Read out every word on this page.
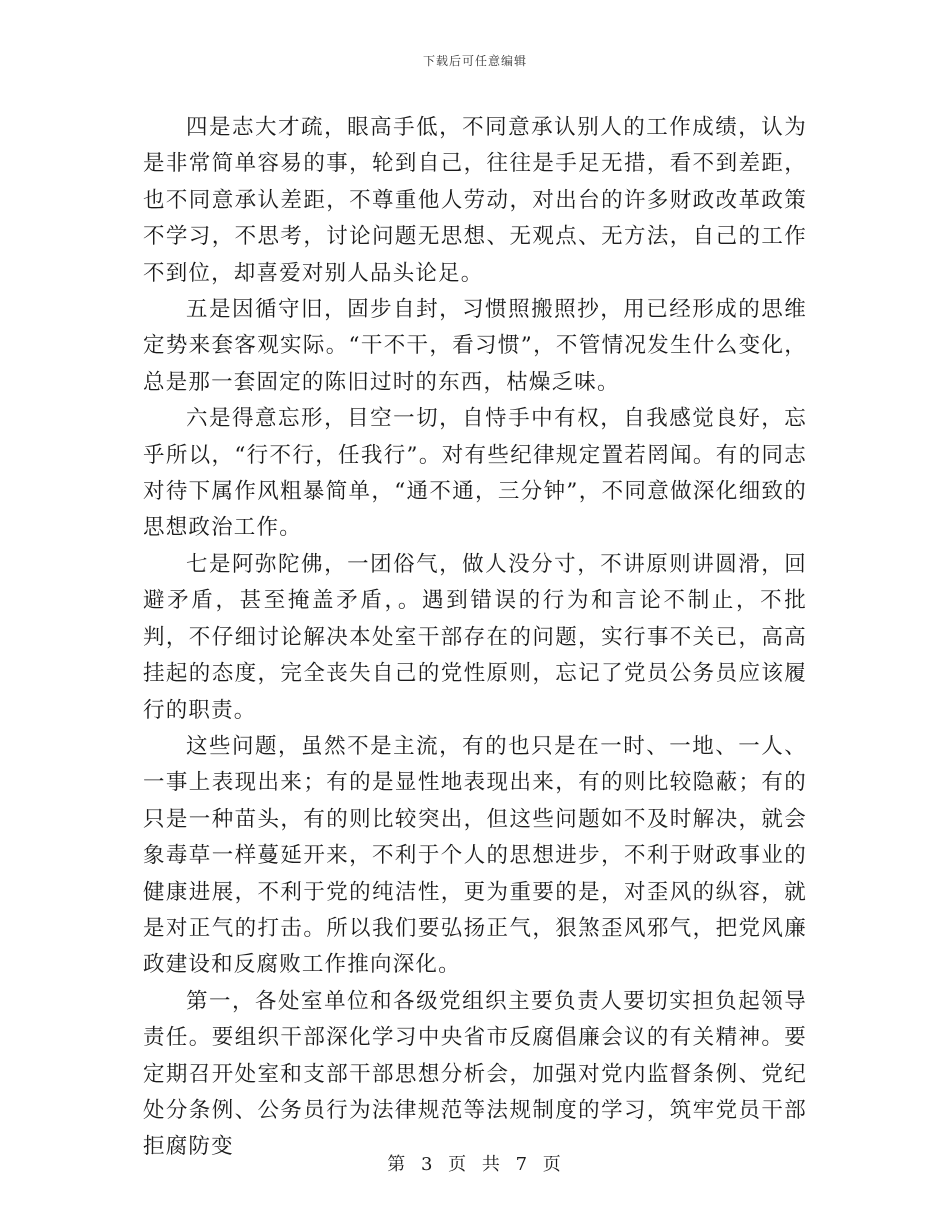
下载后可任意编辑

四是志大才疏，眼高手低，不同意承认别人的工作成绩，认为是非常简单容易的事，轮到自己，往往是手足无措，看不到差距，也不同意承认差距，不尊重他人劳动，对出台的许多财政改革政策不学习，不思考，讨论问题无思想、无观点、无方法，自己的工作不到位，却喜爱对别人品头论足。

五是因循守旧，固步自封，习惯照搬照抄，用已经形成的思维定势来套客观实际。“干不干，看习惯”，不管情况发生什么变化，总是那一套固定的陈旧过时的东西，枯燥乏味。

六是得意忘形，目空一切，自恃手中有权，自我感觉良好，忘乎所以，“行不行，任我行”。对有些纪律规定置若罔闻。有的同志对待下属作风粗暴简单，“通不通，三分钟”，不同意做深化细致的思想政治工作。

七是阿弥陀佛，一团俗气，做人没分寸，不讲原则讲圆滑，回避矛盾，甚至掩盖矛盾，。遇到错误的行为和言论不制止，不批判，不仔细讨论解决本处室干部存在的问题，实行事不关已，高高挂起的态度，完全丧失自己的党性原则，忘记了党员公务员应该履行的职责。

这些问题，虽然不是主流，有的也只是在一时、一地、一人、一事上表现出来；有的是显性地表现出来，有的则比较隐蔽；有的只是一种苗头，有的则比较突出，但这些问题如不及时解决，就会象毒草一样蔓延开来，不利于个人的思想进步，不利于财政事业的健康进展，不利于党的纯洁性，更为重要的是，对歪风的纵容，就是对正气的打击。所以我们要弘扬正气，狠煞歪风邪气，把党风廉政建设和反腐败工作推向深化。

第一，各处室单位和各级党组织主要负责人要切实担负起领导责任。要组织干部深化学习中央省市反腐倡廉会议的有关精神。要定期召开处室和支部干部思想分析会，加强对党内监督条例、党纪处分条例、公务员行为法律规范等法规制度的学习，筑牢党员干部拒腐防变

第 3 页 共 7 页
